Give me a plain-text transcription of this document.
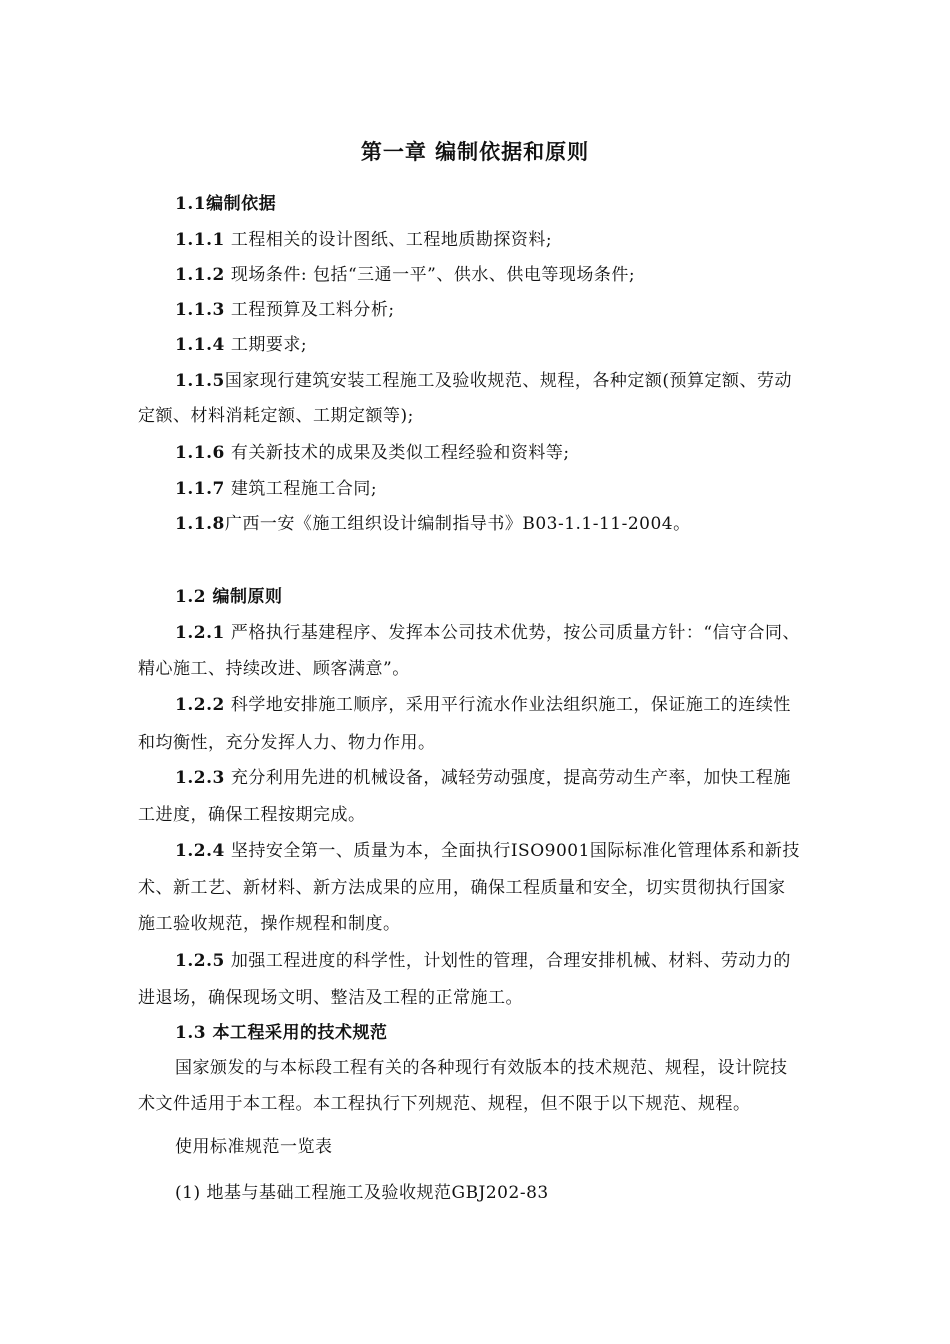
第一章 编制依据和原则
1.1编制依据
1.1.1 工程相关的设计图纸、工程地质勘探资料;
1.1.2 现场条件: 包括“三通一平”、供水、供电等现场条件;
1.1.3 工程预算及工料分析;
1.1.4 工期要求;
1.1.5国家现行建筑安装工程施工及验收规范、规程，各种定额(预算定额、劳动
定额、材料消耗定额、工期定额等);
1.1.6 有关新技术的成果及类似工程经验和资料等;
1.1.7 建筑工程施工合同;
1.1.8广西一安《施工组织设计编制指导书》B03-1.1-11-2004。
1.2 编制原则
1.2.1 严格执行基建程序、发挥本公司技术优势，按公司质量方针：“信守合同、
精心施工、持续改进、顾客满意”。
1.2.2 科学地安排施工顺序，采用平行流水作业法组织施工，保证施工的连续性
和均衡性，充分发挥人力、物力作用。
1.2.3 充分利用先进的机械设备，减轻劳动强度，提高劳动生产率，加快工程施
工进度，确保工程按期完成。
1.2.4 坚持安全第一、质量为本，全面执行ISO9001国际标准化管理体系和新技
术、新工艺、新材料、新方法成果的应用，确保工程质量和安全，切实贯彻执行国家
施工验收规范，操作规程和制度。
1.2.5 加强工程进度的科学性，计划性的管理，合理安排机械、材料、劳动力的
进退场，确保现场文明、整洁及工程的正常施工。
1.3 本工程采用的技术规范
国家颁发的与本标段工程有关的各种现行有效版本的技术规范、规程，设计院技
术文件适用于本工程。本工程执行下列规范、规程，但不限于以下规范、规程。
使用标准规范一览表
(1) 地基与基础工程施工及验收规范GBJ202-83
